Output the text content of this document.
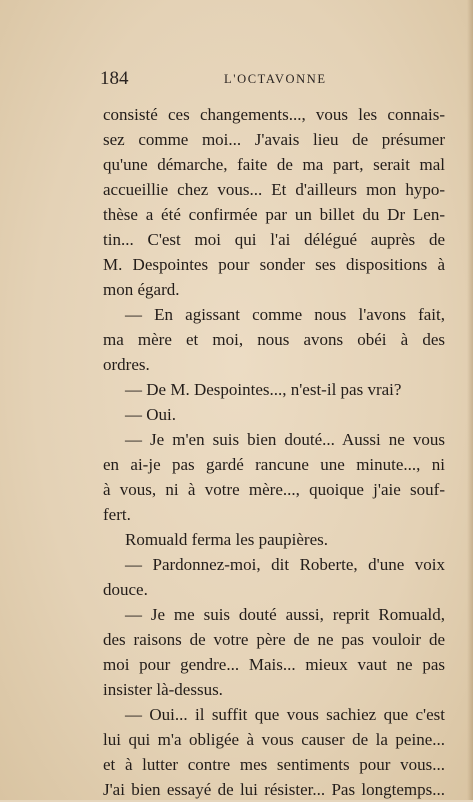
184	L'OCTAVONNE
consisté ces changements..., vous les connais-
sez comme moi... J'avais lieu de présumer
qu'une démarche, faite de ma part, serait mal
accueillie chez vous... Et d'ailleurs mon hypo-
thèse a été confirmée par un billet du Dr Len-
tin... C'est moi qui l'ai délégué auprès de
M. Despointes pour sonder ses dispositions à
mon égard.
— En agissant comme nous l'avons fait,
ma mère et moi, nous avons obéi à des
ordres.
— De M. Despointes..., n'est-il pas vrai?
— Oui.
— Je m'en suis bien douté... Aussi ne vous
en ai-je pas gardé rancune une minute..., ni
à vous, ni à votre mère..., quoique j'aie souf-
fert.
Romuald ferma les paupières.
— Pardonnez-moi, dit Roberte, d'une voix
douce.
— Je me suis douté aussi, reprit Romuald,
des raisons de votre père de ne pas vouloir de
moi pour gendre... Mais... mieux vaut ne pas
insister là-dessus.
— Oui... il suffit que vous sachiez que c'est
lui qui m'a obligée à vous causer de la peine...
et à lutter contre mes sentiments pour vous...
J'ai bien essayé de lui résister... Pas longtemps...
